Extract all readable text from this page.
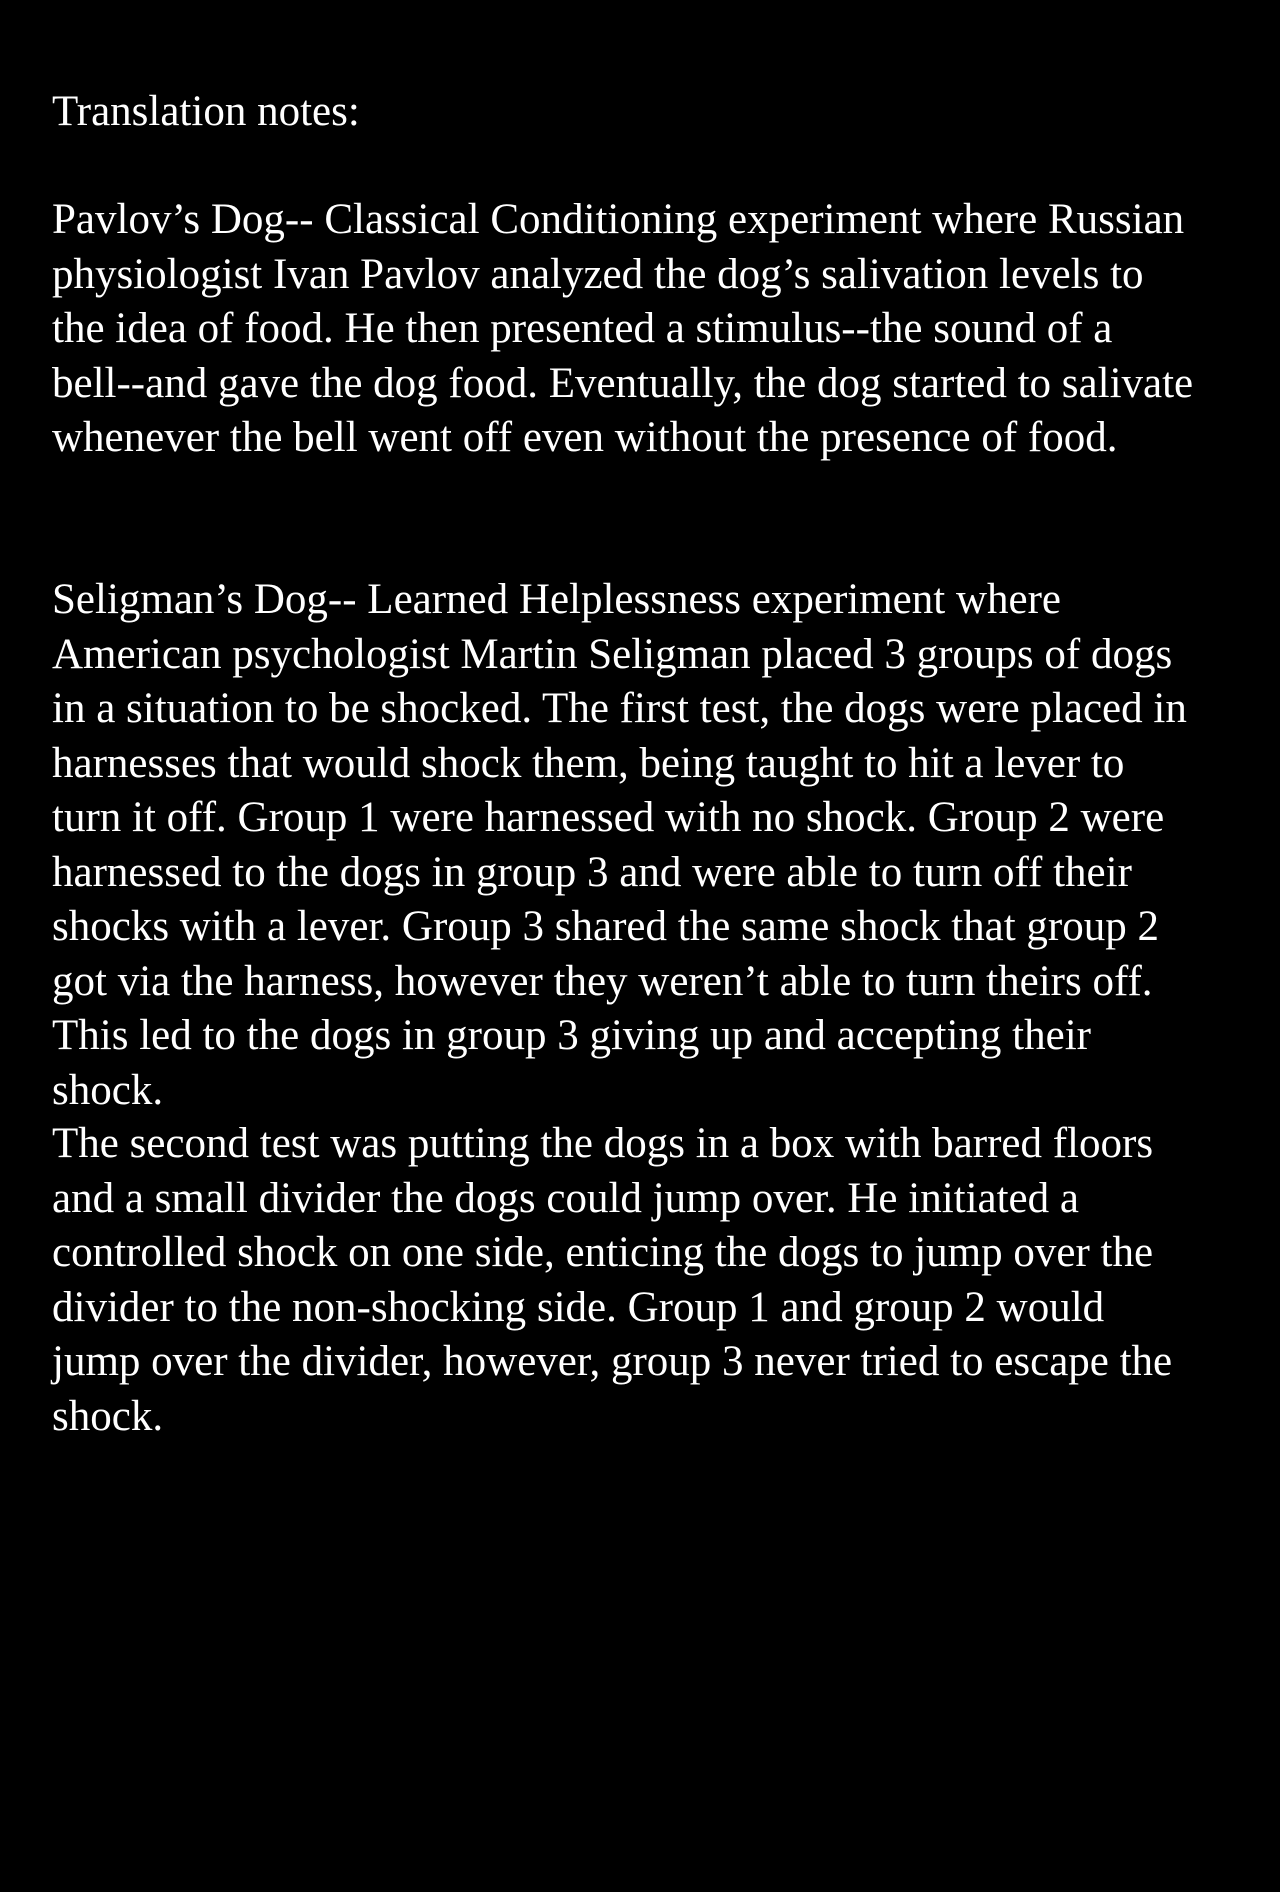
Translation notes:

Pavlov’s Dog-- Classical Conditioning experiment where Russian
physiologist Ivan Pavlov analyzed the dog’s salivation levels to
the idea of food. He then presented a stimulus--the sound of a
bell--and gave the dog food. Eventually, the dog started to salivate
whenever the bell went off even without the presence of food.

Seligman’s Dog-- Learned Helplessness experiment where
American psychologist Martin Seligman placed 3 groups of dogs
in a situation to be shocked. The first test, the dogs were placed in
harnesses that would shock them, being taught to hit a lever to
turn it off. Group 1 were harnessed with no shock. Group 2 were
harnessed to the dogs in group 3 and were able to turn off their
shocks with a lever. Group 3 shared the same shock that group 2
got via the harness, however they weren’t able to turn theirs off.
This led to the dogs in group 3 giving up and accepting their
shock.

The second test was putting the dogs in a box with barred floors
and a small divider the dogs could jump over. He initiated a
controlled shock on one side, enticing the dogs to jump over the
divider to the non-shocking side. Group 1 and group 2 would
jump over the divider, however, group 3 never tried to escape the
shock.
